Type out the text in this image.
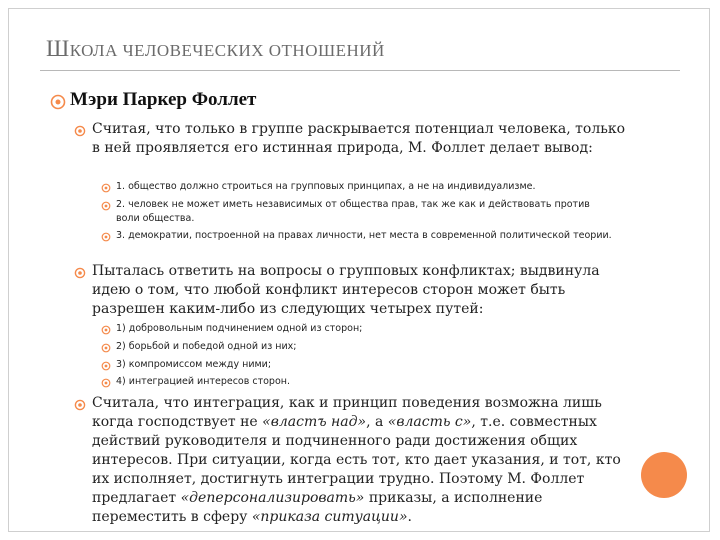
ШКОЛА ЧЕЛОВЕЧЕСКИХ ОТНОШЕНИЙ
Мэри Паркер Фоллет
Считая, что только в группе раскрывается потенциал человека, только в ней проявляется его истинная природа, М. Фоллет делает вывод:
1. общество должно строиться на групповых принципах, а не на индивидуализме.
2. человек не может иметь независимых от общества прав, так же как и действовать против воли общества.
3. демократии, построенной на правах личности, нет места в современной политической теории.
Пыталась ответить на вопросы о групповых конфликтах; выдвинула идею о том, что любой конфликт интересов сторон может быть разрешен каким-либо из следующих четырех путей:
1) добровольным подчинением одной из сторон;
2) борьбой и победой одной из них;
3) компромиссом между ними;
4) интеграцией интересов сторон.
Считала, что интеграция, как и принцип поведения возможна лишь когда господствует не «властъ над», а «власть с», т.е. совместных действий руководителя и подчиненного ради достижения общих интересов. При ситуации, когда есть тот, кто дает указания, и тот, кто их исполняет, достигнуть интеграции трудно. Поэтому М. Фоллет предлагает «деперсонализировать» приказы, а исполнение переместить в сферу «приказа ситуации».
